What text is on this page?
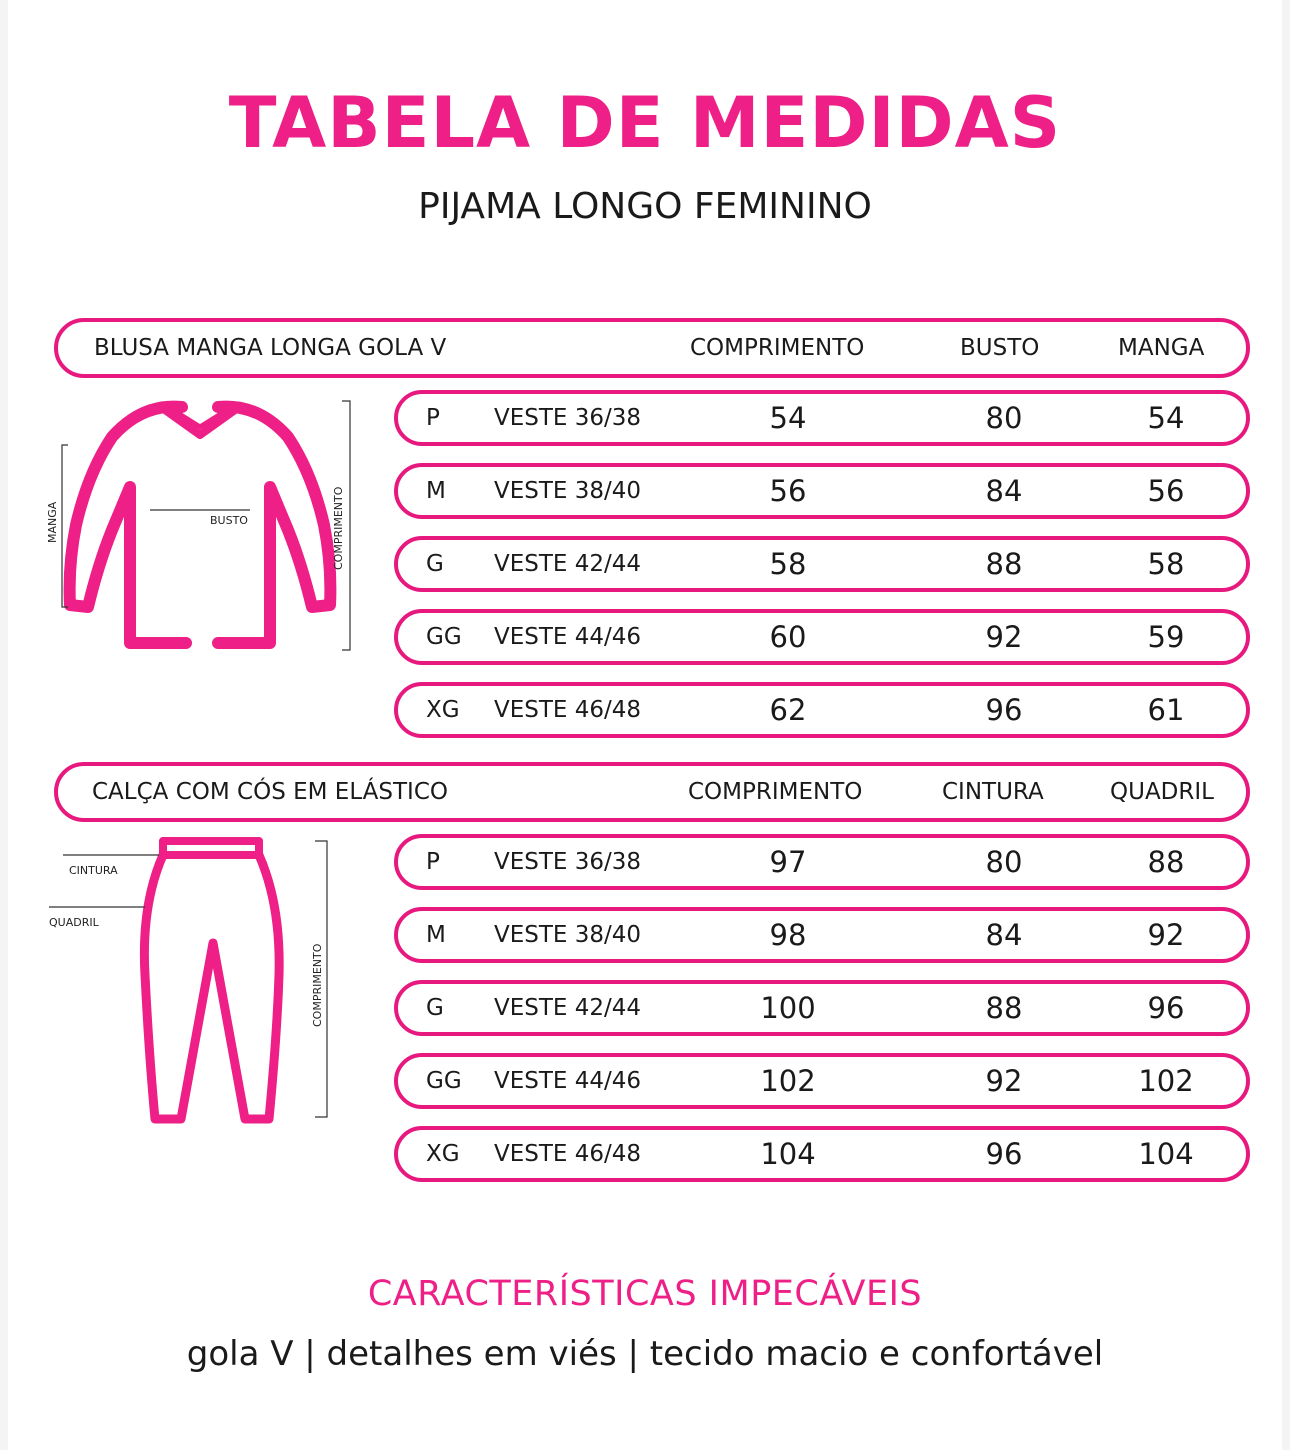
TABELA DE MEDIDAS
PIJAMA LONGO FEMININO
BLUSA MANGA LONGA GOLA V	COMPRIMENTO	BUSTO	MANGA
P VESTE 36/38	54	80	54
M VESTE 38/40	56	84	56
G VESTE 42/44	58	88	58
GG VESTE 44/46	60	92	59
XG VESTE 46/48	62	96	61
BUSTO
MANGA	COMPRIMENTO
CALÇA COM CÓS EM ELÁSTICO	COMPRIMENTO	CINTURA	QUADRIL
P VESTE 36/38	97	80	88
M VESTE 38/40	98	84	92
G VESTE 42/44	100	88	96
GG VESTE 44/46	102	92	102
XG VESTE 46/48	104	96	104
CINTURA
QUADRIL
COMPRIMENTO
CARACTERÍSTICAS IMPECÁVEIS
gola V | detalhes em viés | tecido macio e confortável
